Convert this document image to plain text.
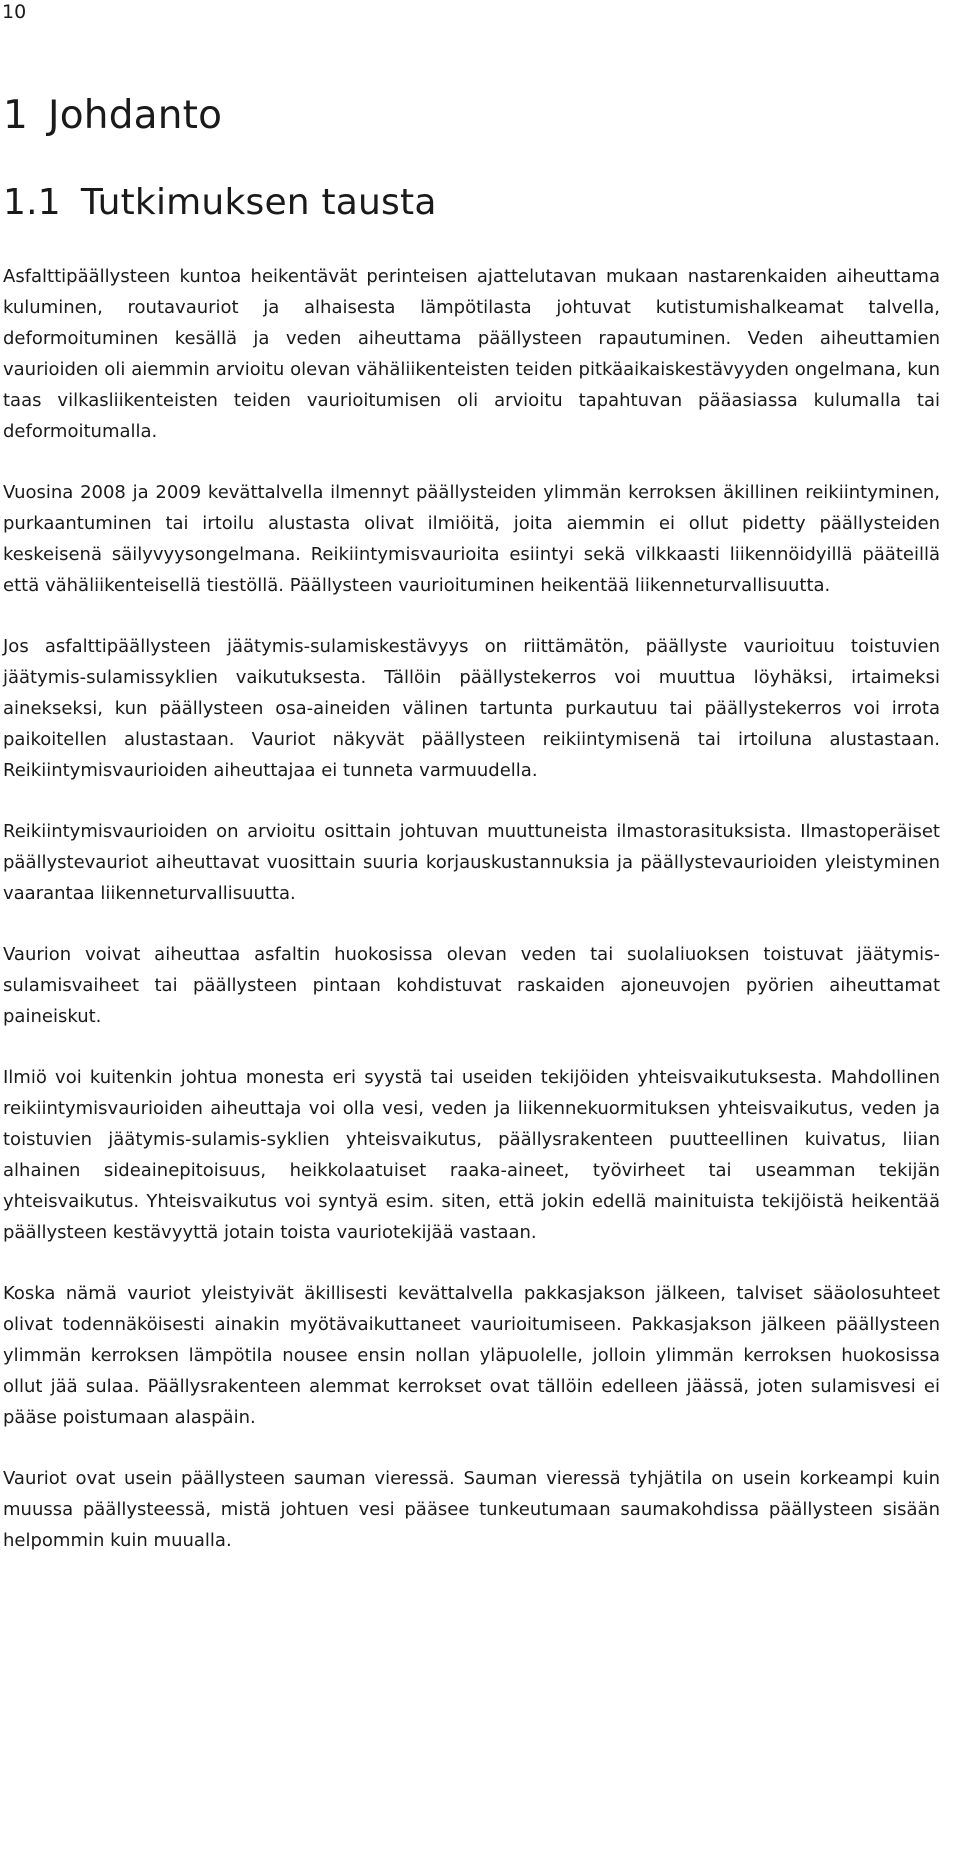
10
1 Johdanto
1.1 Tutkimuksen tausta

Asfalttipäällysteen kuntoa heikentävät perinteisen ajattelutavan mukaan nastarenkaiden aiheuttama kuluminen, routavauriot ja alhaisesta lämpötilasta johtuvat kutistumishalkeamat talvella, deformoituminen kesällä ja veden aiheuttama päällysteen rapautuminen. Veden aiheuttamien vaurioiden oli aiemmin arvioitu olevan vähäliikenteisten teiden pitkäaikaiskestävyyden ongelmana, kun taas vilkasliikenteisten teiden vaurioitumisen oli arvioitu tapahtuvan pääasiassa kulumalla tai deformoitumalla.

Vuosina 2008 ja 2009 kevättalvella ilmennyt päällysteiden ylimmän kerroksen äkillinen reikiintyminen, purkaantuminen tai irtoilu alustasta olivat ilmiöitä, joita aiemmin ei ollut pidetty päällysteiden keskeisenä säilyvyysongelmana. Reikiintymisvaurioita esiintyi sekä vilkkaasti liikennöidyillä pääteillä että vähäliikenteisellä tiestöllä. Päällysteen vaurioituminen heikentää liikenneturvallisuutta.

Jos asfalttipäällysteen jäätymis-sulamiskestävyys on riittämätön, päällyste vaurioituu toistuvien jäätymis-sulamissyklien vaikutuksesta. Tällöin päällystekerros voi muuttua löyhäksi, irtaimeksi ainekseksi, kun päällysteen osa-aineiden välinen tartunta purkautuu tai päällystekerros voi irrota paikoitellen alustastaan. Vauriot näkyvät päällysteen reikiintymisenä tai irtoiluna alustastaan. Reikiintymisvaurioiden aiheuttajaa ei tunneta varmuudella.

Reikiintymisvaurioiden on arvioitu osittain johtuvan muuttuneista ilmastorasituksista. Ilmastoperäiset päällystevauriot aiheuttavat vuosittain suuria korjauskustannuksia ja päällystevaurioiden yleistyminen vaarantaa liikenneturvallisuutta.

Vaurion voivat aiheuttaa asfaltin huokosissa olevan veden tai suolaliuoksen toistuvat jäätymis-sulamisvaiheet tai päällysteen pintaan kohdistuvat raskaiden ajoneuvojen pyörien aiheuttamat paineiskut.

Ilmiö voi kuitenkin johtua monesta eri syystä tai useiden tekijöiden yhteisvaikutuksesta. Mahdollinen reikiintymisvaurioiden aiheuttaja voi olla vesi, veden ja liikennekuormituksen yhteisvaikutus, veden ja toistuvien jäätymis-sulamis-syklien yhteisvaikutus, päällysrakenteen puutteellinen kuivatus, liian alhainen sideainepitoisuus, heikkolaatuiset raaka-aineet, työvirheet tai useamman tekijän yhteisvaikutus. Yhteisvaikutus voi syntyä esim. siten, että jokin edellä mainituista tekijöistä heikentää päällysteen kestävyyttä jotain toista vauriotekijää vastaan.

Koska nämä vauriot yleistyivät äkillisesti kevättalvella pakkasjakson jälkeen, talviset sääolosuhteet olivat todennäköisesti ainakin myötävaikuttaneet vaurioitumiseen. Pakkasjakson jälkeen päällysteen ylimmän kerroksen lämpötila nousee ensin nollan yläpuolelle, jolloin ylimmän kerroksen huokosissa ollut jää sulaa. Päällysrakenteen alemmat kerrokset ovat tällöin edelleen jäässä, joten sulamisvesi ei pääse poistumaan alaspäin.

Vauriot ovat usein päällysteen sauman vieressä. Sauman vieressä tyhjätila on usein korkeampi kuin muussa päällysteessä, mistä johtuen vesi pääsee tunkeutumaan saumakohdissa päällysteen sisään helpommin kuin muualla.
